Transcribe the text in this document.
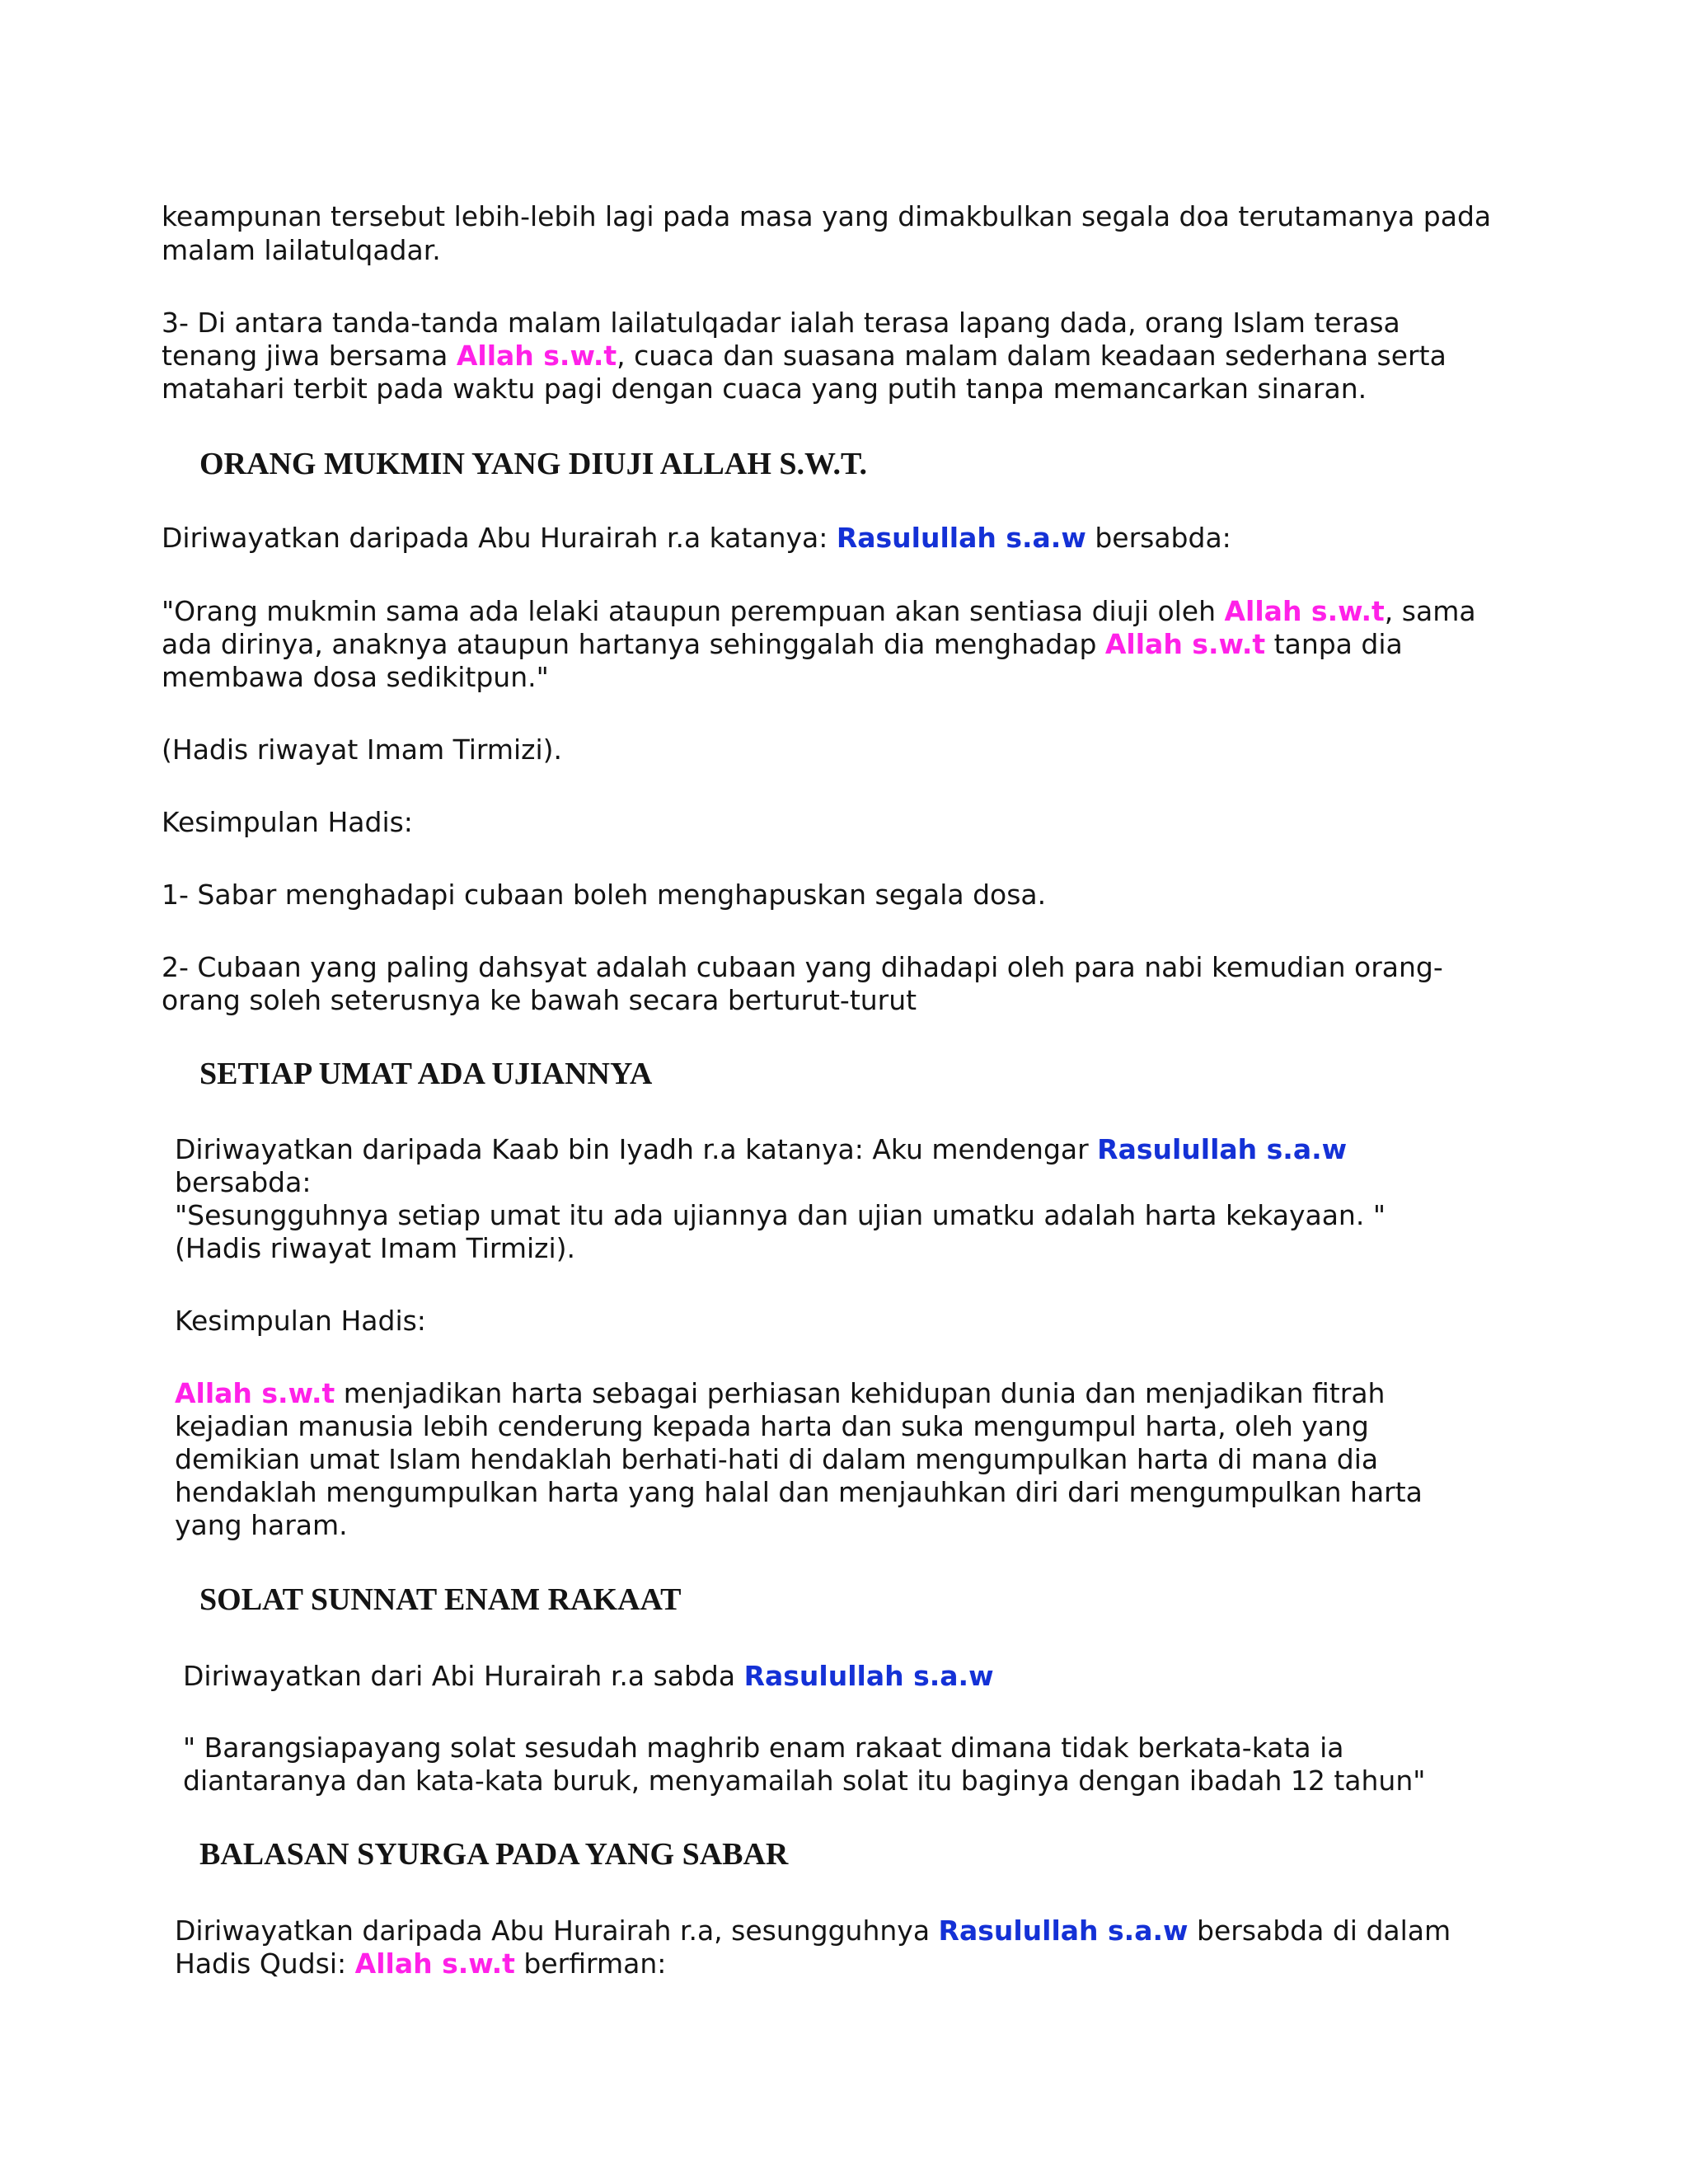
keampunan tersebut lebih-lebih lagi pada masa yang dimakbulkan segala doa terutamanya pada

malam lailatulqadar.

3- Di antara tanda-tanda malam lailatulqadar ialah terasa lapang dada, orang Islam terasa

tenang jiwa bersama Allah s.w.t, cuaca dan suasana malam dalam keadaan sederhana serta

matahari terbit pada waktu pagi dengan cuaca yang putih tanpa memancarkan sinaran.

ORANG MUKMIN YANG DIUJI ALLAH S.W.T.

Diriwayatkan daripada Abu Hurairah r.a katanya: Rasulullah s.a.w bersabda:

"Orang mukmin sama ada lelaki ataupun perempuan akan sentiasa diuji oleh Allah s.w.t, sama

ada dirinya, anaknya ataupun hartanya sehinggalah dia menghadap Allah s.w.t tanpa dia

membawa dosa sedikitpun."

(Hadis riwayat Imam Tirmizi).

Kesimpulan Hadis:

1- Sabar menghadapi cubaan boleh menghapuskan segala dosa.

2- Cubaan yang paling dahsyat adalah cubaan yang dihadapi oleh para nabi kemudian orang-

orang soleh seterusnya ke bawah secara berturut-turut

SETIAP UMAT ADA UJIANNYA

Diriwayatkan daripada Kaab bin Iyadh r.a katanya: Aku mendengar Rasulullah s.a.w

bersabda:

"Sesungguhnya setiap umat itu ada ujiannya dan ujian umatku adalah harta kekayaan. "

(Hadis riwayat Imam Tirmizi).

Kesimpulan Hadis:

Allah s.w.t menjadikan harta sebagai perhiasan kehidupan dunia dan menjadikan fitrah

kejadian manusia lebih cenderung kepada harta dan suka mengumpul harta, oleh yang

demikian umat Islam hendaklah berhati-hati di dalam mengumpulkan harta di mana dia

hendaklah mengumpulkan harta yang halal dan menjauhkan diri dari mengumpulkan harta

yang haram.

SOLAT SUNNAT ENAM RAKAAT

Diriwayatkan dari Abi Hurairah r.a sabda Rasulullah s.a.w

" Barangsiapayang solat sesudah maghrib enam rakaat dimana tidak berkata-kata ia

diantaranya dan kata-kata buruk, menyamailah solat itu baginya dengan ibadah 12 tahun"

BALASAN SYURGA PADA YANG SABAR

Diriwayatkan daripada Abu Hurairah r.a, sesungguhnya Rasulullah s.a.w bersabda di dalam

Hadis Qudsi: Allah s.w.t berfirman:
